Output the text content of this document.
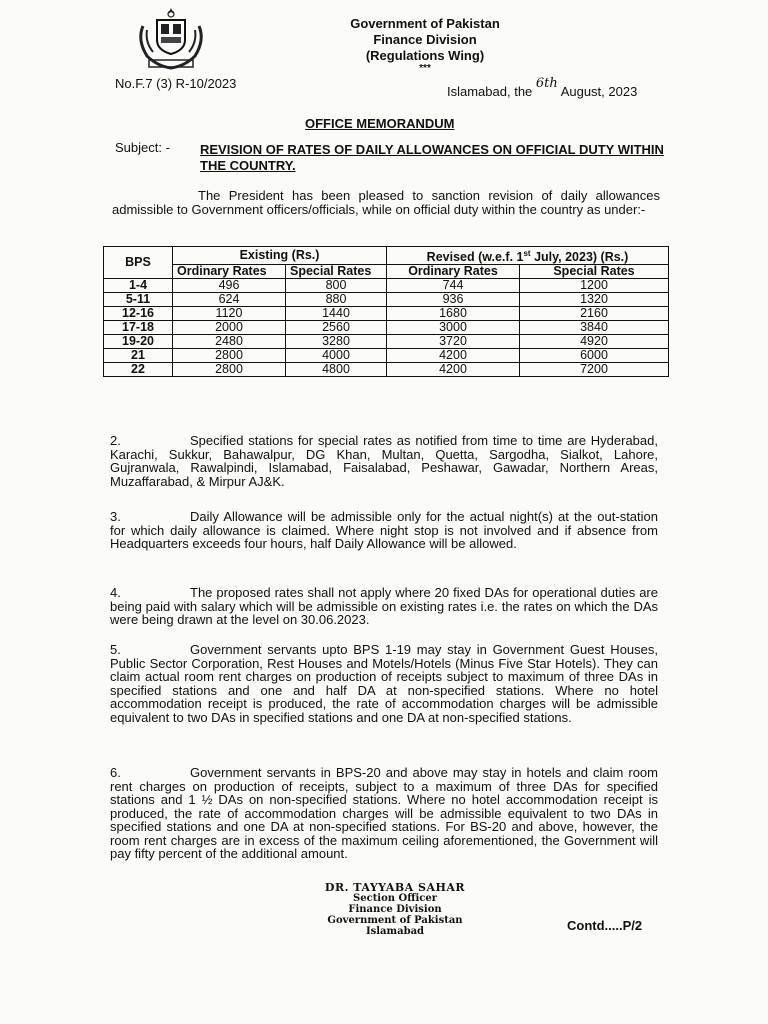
Government of Pakistan
Finance Division
(Regulations Wing)
***
No.F.7 (3) R-10/2023
Islamabad, the 6th August, 2023
OFFICE MEMORANDUM
Subject: - REVISION OF RATES OF DAILY ALLOWANCES ON OFFICIAL DUTY WITHIN THE COUNTRY.
The President has been pleased to sanction revision of daily allowances admissible to Government officers/officials, while on official duty within the country as under:-
BPS	Existing (Rs.)		Revised (w.e.f. 1st July, 2023) (Rs.)	
	Ordinary Rates	Special Rates	Ordinary Rates	Special Rates
1-4	496	800	744	1200
5-11	624	880	936	1320
12-16	1120	1440	1680	2160
17-18	2000	2560	3000	3840
19-20	2480	3280	3720	4920
21	2800	4000	4200	6000
22	2800	4800	4200	7200
2.	Specified stations for special rates as notified from time to time are Hyderabad, Karachi, Sukkur, Bahawalpur, DG Khan, Multan, Quetta, Sargodha, Sialkot, Lahore, Gujranwala, Rawalpindi, Islamabad, Faisalabad, Peshawar, Gawadar, Northern Areas, Muzaffarabad, & Mirpur AJ&K.
3.	Daily Allowance will be admissible only for the actual night(s) at the out-station for which daily allowance is claimed. Where night stop is not involved and if absence from Headquarters exceeds four hours, half Daily Allowance will be allowed.
4.	The proposed rates shall not apply where 20 fixed DAs for operational duties are being paid with salary which will be admissible on existing rates i.e. the rates on which the DAs were being drawn at the level on 30.06.2023.
5.	Government servants upto BPS 1-19 may stay in Government Guest Houses, Public Sector Corporation, Rest Houses and Motels/Hotels (Minus Five Star Hotels). They can claim actual room rent charges on production of receipts subject to maximum of three DAs in specified stations and one and half DA at non-specified stations. Where no hotel accommodation receipt is produced, the rate of accommodation charges will be admissible equivalent to two DAs in specified stations and one DA at non-specified stations.
6.	Government servants in BPS-20 and above may stay in hotels and claim room rent charges on production of receipts, subject to a maximum of three DAs for specified stations and 1 ½ DAs on non-specified stations. Where no hotel accommodation receipt is produced, the rate of accommodation charges will be admissible equivalent to two DAs in specified stations and one DA at non-specified stations. For BS-20 and above, however, the room rent charges are in excess of the maximum ceiling aforementioned, the Government will pay fifty percent of the additional amount.
DR. TAYYABA SAHAR
Section Officer
Finance Division
Government of Pakistan
Islamabad	Contd.....P/2
